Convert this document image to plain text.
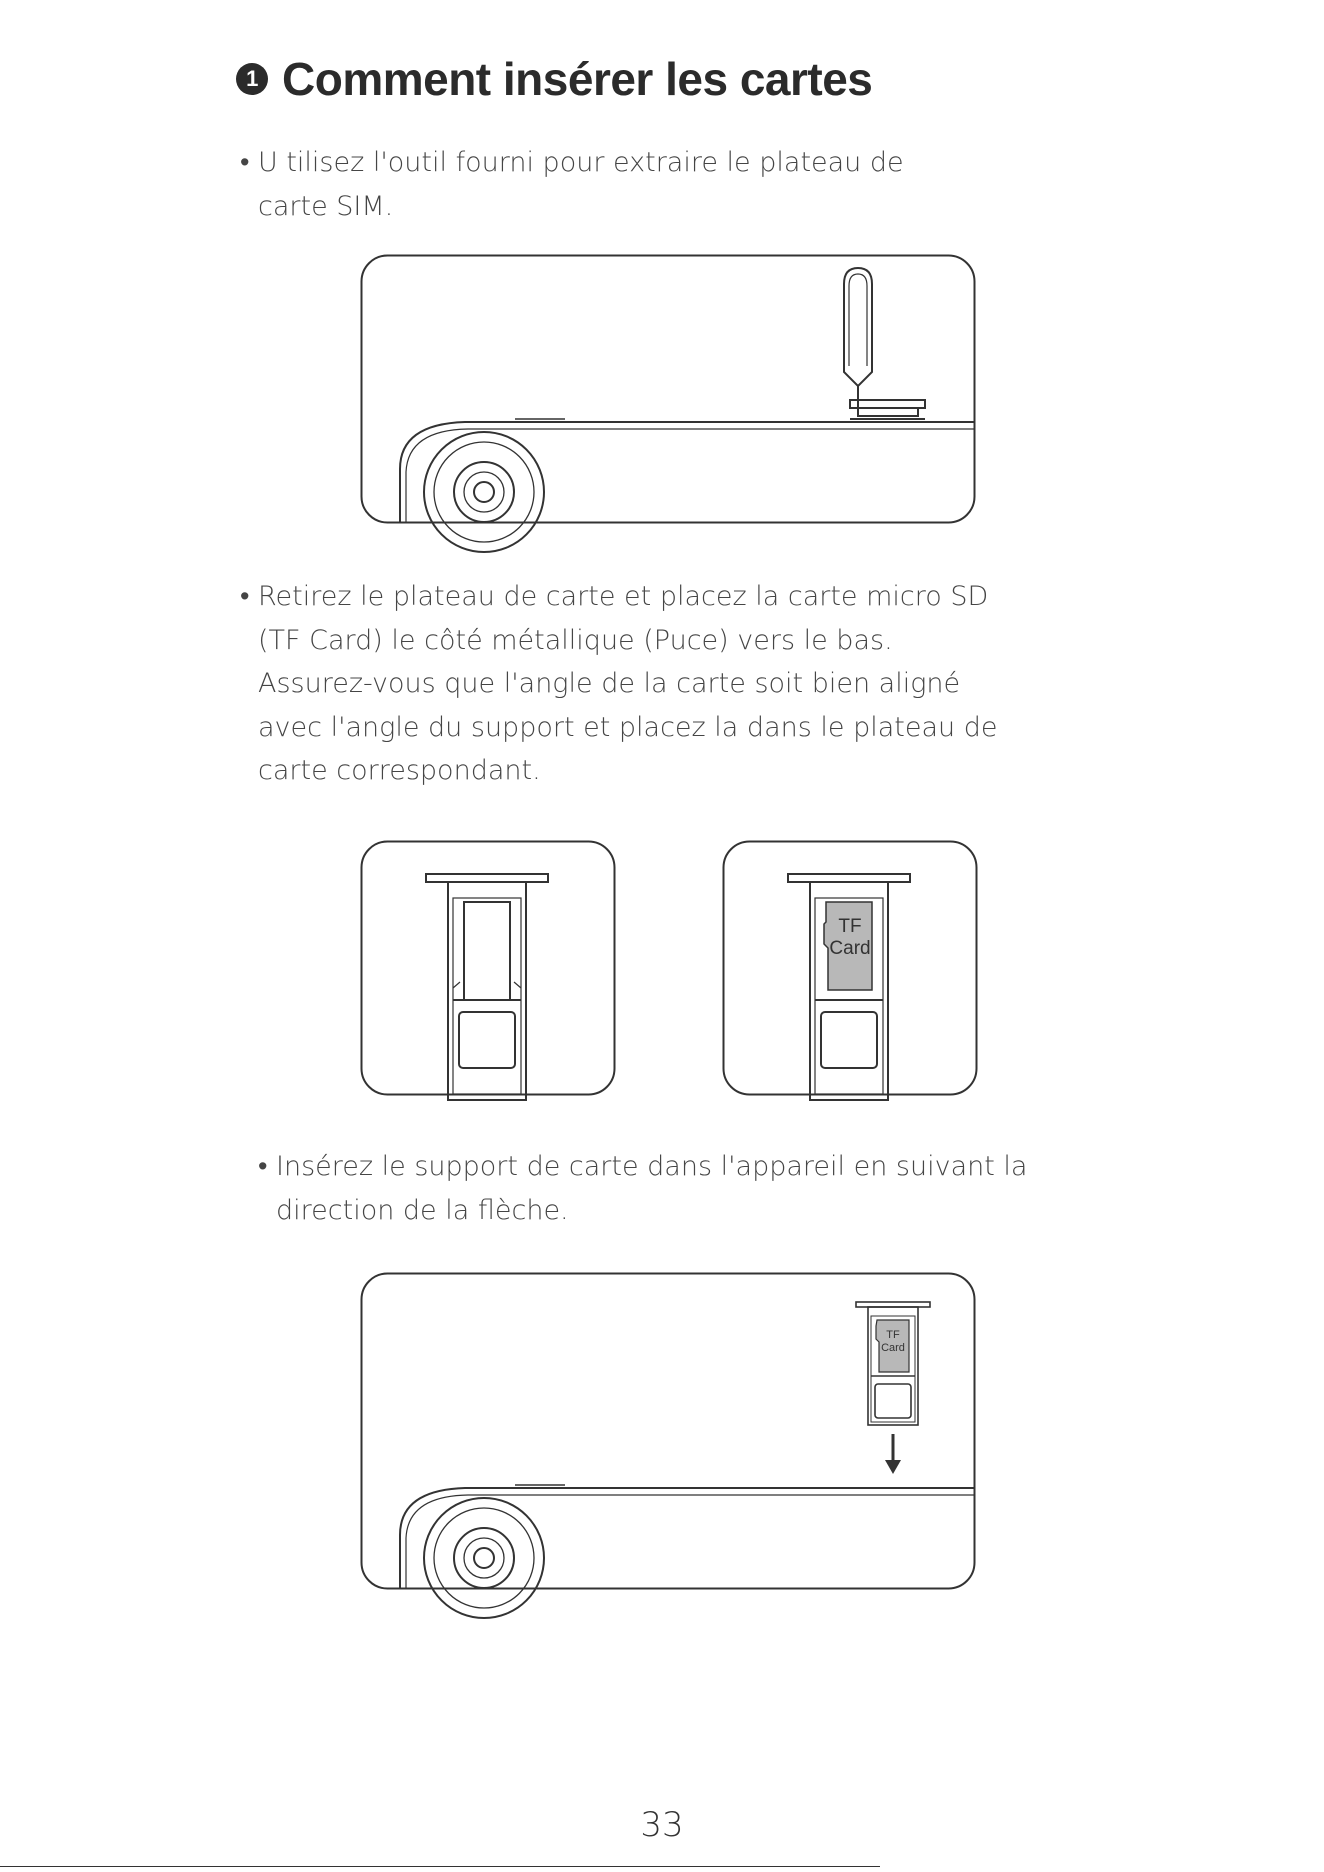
1 Comment insérer les cartes
• U tilisez l'outil fourni pour extraire le plateau de
carte SIM.
• Retirez le plateau de carte et placez la carte micro SD
(TF Card) le côté métallique (Puce) vers le bas.
Assurez-vous que l'angle de la carte soit bien aligné
avec l'angle du support et placez la dans le plateau de
carte correspondant.
TF
Card
• Insérez le support de carte dans l'appareil en suivant la
direction de la flèche.
TF
Card
33
